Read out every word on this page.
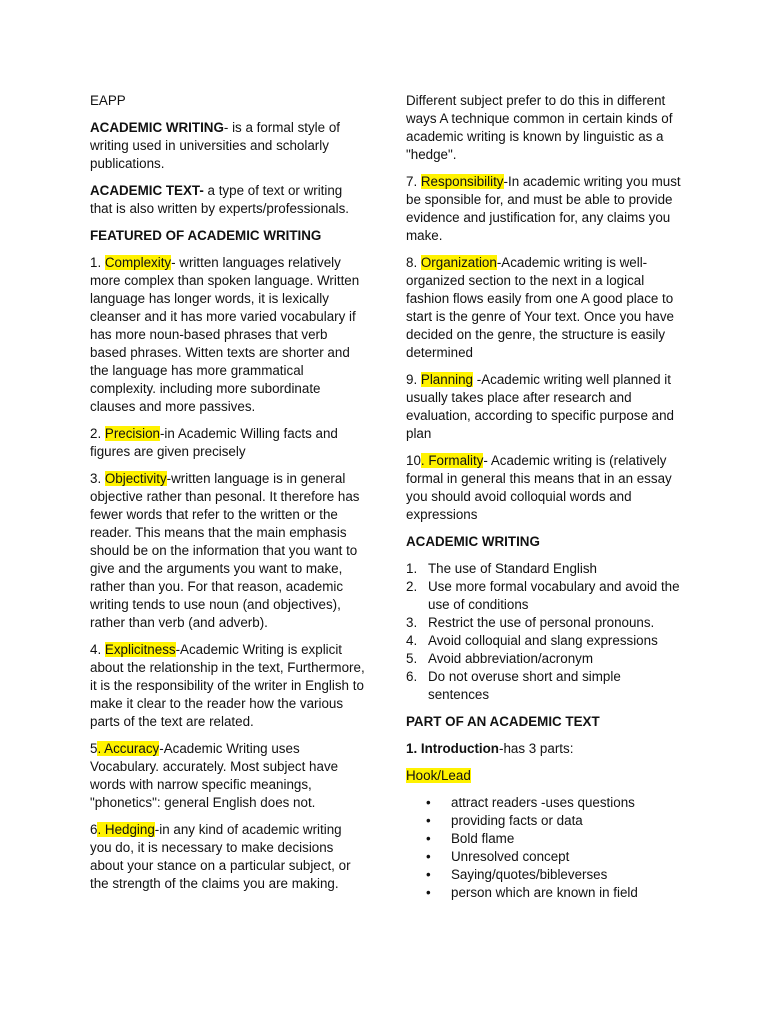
EAPP

ACADEMIC WRITING- is a formal style of writing used in universities and scholarly publications.

ACADEMIC TEXT- a type of text or writing that is also written by experts/professionals.

FEATURED OF ACADEMIC WRITING

1. Complexity- written languages relatively more complex than spoken language. Written language has longer words, it is lexically cleanser and it has more varied vocabulary if has more noun-based phrases that verb based phrases. Witten texts are shorter and the language has more grammatical complexity. including more subordinate clauses and more passives.

2. Precision-in Academic Willing facts and figures are given precisely

3. Objectivity-written language is in general objective rather than pesonal. It therefore has fewer words that refer to the written or the reader. This means that the main emphasis should be on the information that you want to give and the arguments you want to make, rather than you. For that reason, academic writing tends to use noun (and objectives), rather than verb (and adverb).

4. Explicitness-Academic Writing is explicit about the relationship in the text, Furthermore, it is the responsibility of the writer in English to make it clear to the reader how the various parts of the text are related.

5. Accuracy-Academic Writing uses Vocabulary. accurately. Most subject have words with narrow specific meanings, "phonetics": general English does not.

6. Hedging-in any kind of academic writing you do, it is necessary to make decisions about your stance on a particular subject, or the strength of the claims you are making.

Different subject prefer to do this in different ways A technique common in certain kinds of academic writing is known by linguistic as a "hedge".

7. Responsibility-In academic writing you must be sponsible for, and must be able to provide evidence and justification for, any claims you make.

8. Organization-Academic writing is well-organized section to the next in a logical fashion flows easily from one A good place to start is the genre of Your text. Once you have decided on the genre, the structure is easily determined

9. Planning -Academic writing well planned it usually takes place after research and evaluation, according to specific purpose and plan

10. Formality- Academic writing is (relatively formal in general this means that in an essay you should avoid colloquial words and expressions

ACADEMIC WRITING

1. The use of Standard English
2. Use more formal vocabulary and avoid the use of conditions
3. Restrict the use of personal pronouns.
4. Avoid colloquial and slang expressions
5. Avoid abbreviation/acronym
6. Do not overuse short and simple sentences

PART OF AN ACADEMIC TEXT

1. Introduction-has 3 parts:

Hook/Lead

• attract readers -uses questions
• providing facts or data
• Bold flame
• Unresolved concept
• Saying/quotes/bibleverses
• person which are known in field
